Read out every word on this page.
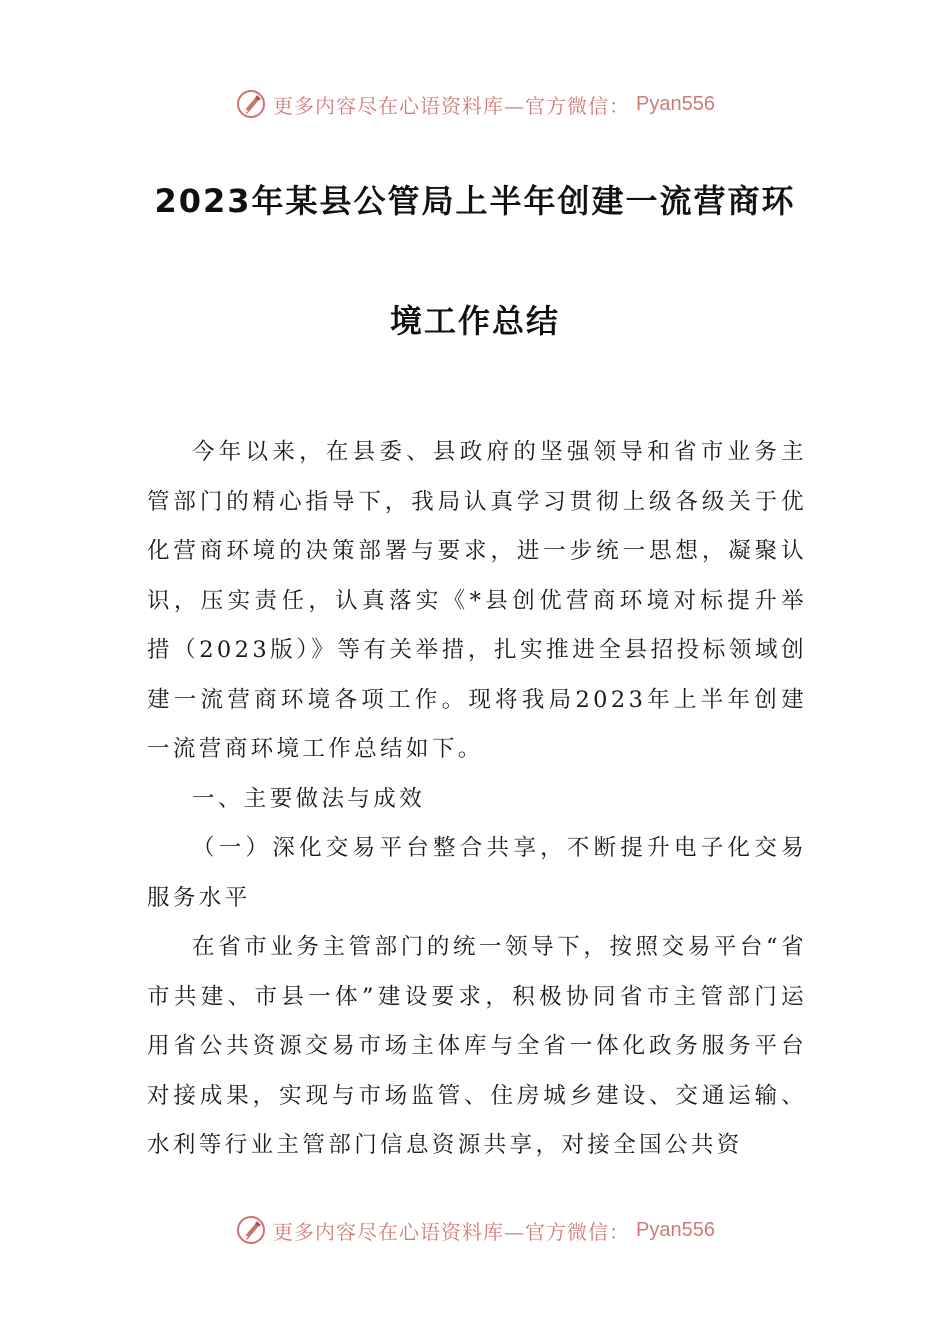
更多内容尽在心语资料库—官方微信： Pyan556
2023年某县公管局上半年创建一流营商环
境工作总结

今年以来，在县委、县政府的坚强领导和省市业务主管部门的精心指导下，我局认真学习贯彻上级各级关于优化营商环境的决策部署与要求，进一步统一思想，凝聚认识，压实责任，认真落实《*县创优营商环境对标提升举措（2023版）》等有关举措，扎实推进全县招投标领域创建一流营商环境各项工作。现将我局2023年上半年创建一流营商环境工作总结如下。

一、主要做法与成效

（一）深化交易平台整合共享，不断提升电子化交易服务水平

在省市业务主管部门的统一领导下，按照交易平台“省市共建、市县一体”建设要求，积极协同省市主管部门运用省公共资源交易市场主体库与全省一体化政务服务平台对接成果，实现与市场监管、住房城乡建设、交通运输、水利等行业主管部门信息资源共享，对接全国公共资

更多内容尽在心语资料库—官方微信： Pyan556
